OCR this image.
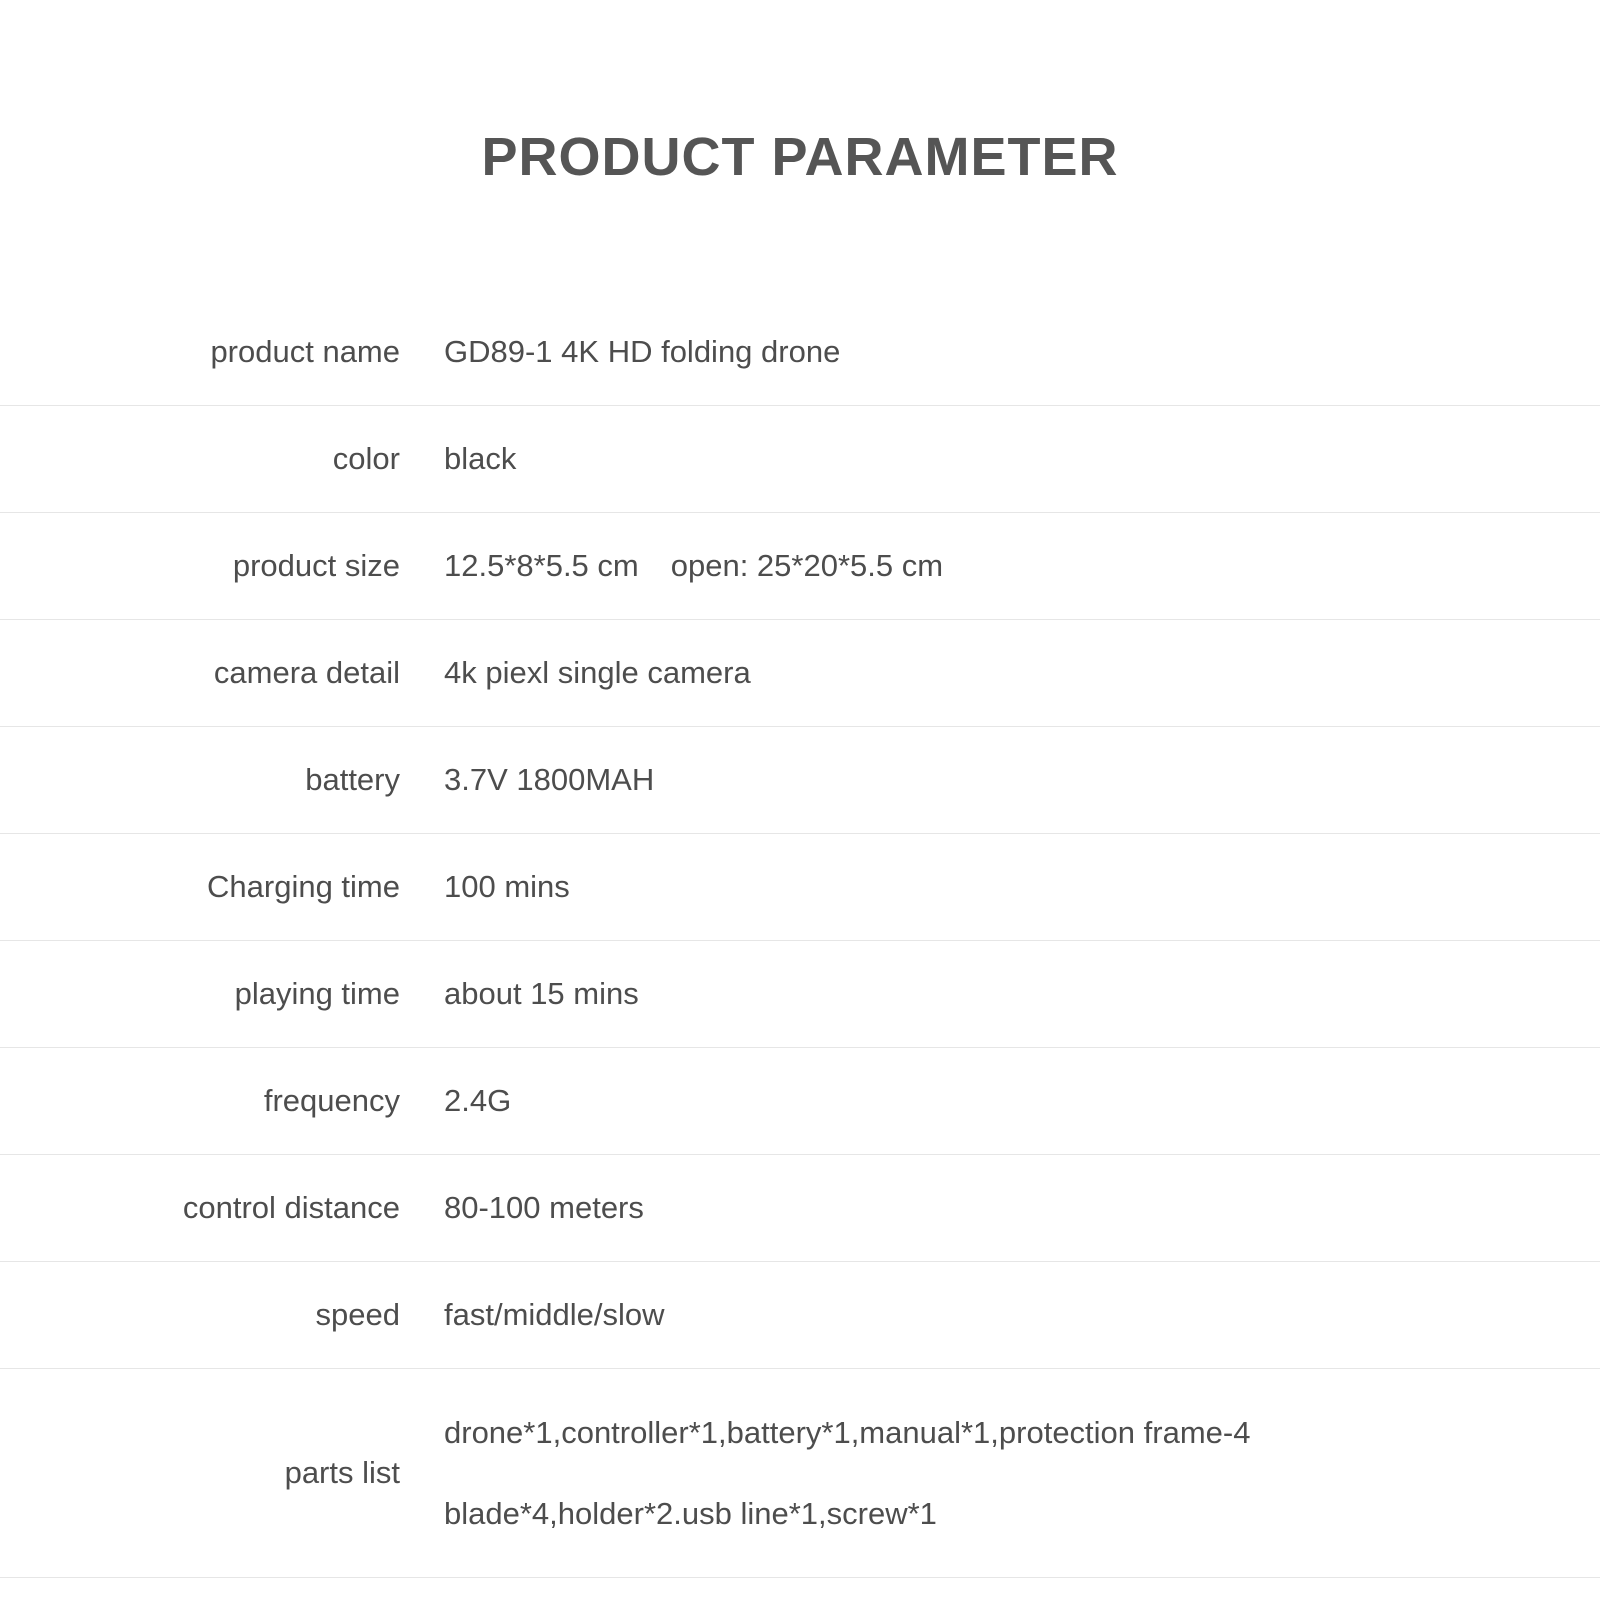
PRODUCT PARAMETER
product name	GD89-1 4K HD folding drone
color	black
product size	12.5*8*5.5 cm open: 25*20*5.5 cm
camera detail	4k piexl single camera
battery	3.7V 1800MAH
Charging time	100 mins
playing time	about 15 mins
frequency	2.4G
control distance	80-100 meters
speed	fast/middle/slow
parts list	drone*1,controller*1,battery*1,manual*1,protection frame-4
blade*4,holder*2.usb line*1,screw*1
